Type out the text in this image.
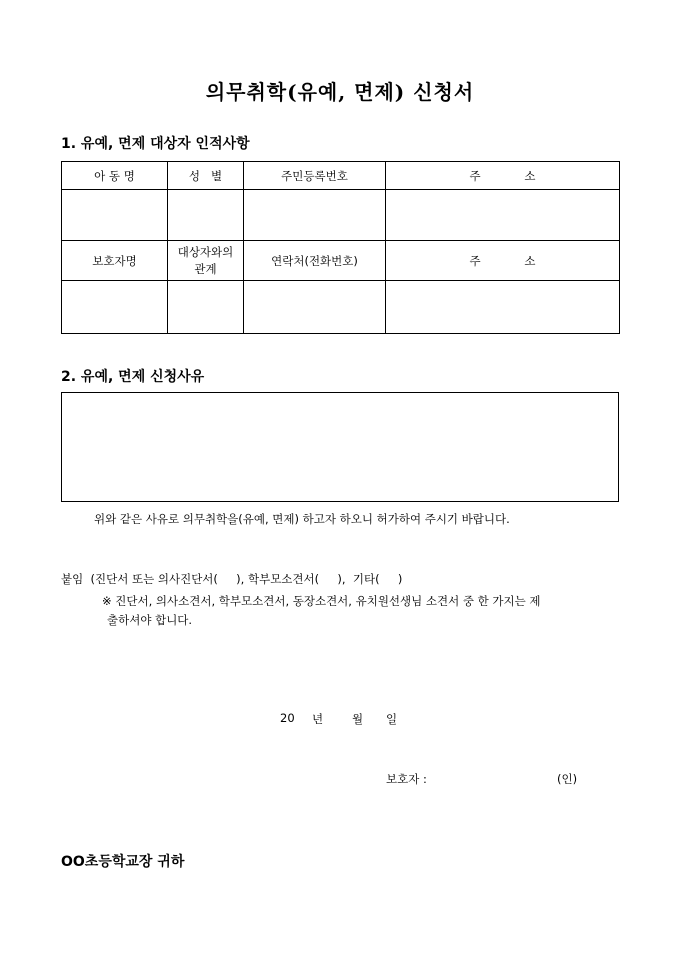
의무취학(유예, 면제) 신청서
1. 유예, 면제 대상자 인적사항
아 동 명	성   별	주민등록번호	주            소

보호자명	대상자와의 관계	연락처(전화번호)	주            소

2. 유예, 면제 신청사유
위와 같은 사유로 의무취학을(유예, 면제) 하고자 하오니 허가하여 주시기 바랍니다.
붙임  (진단서 또는 의사진단서(     ), 학부모소견서(     ),  기타(     )
※ 진단서, 의사소견서, 학부모소견서, 동장소견서, 유치원선생님 소견서 중 한 가지는 제
출하셔야 합니다.
20 년	월 일
보호자 :	(인)
OO초등학교장 귀하
